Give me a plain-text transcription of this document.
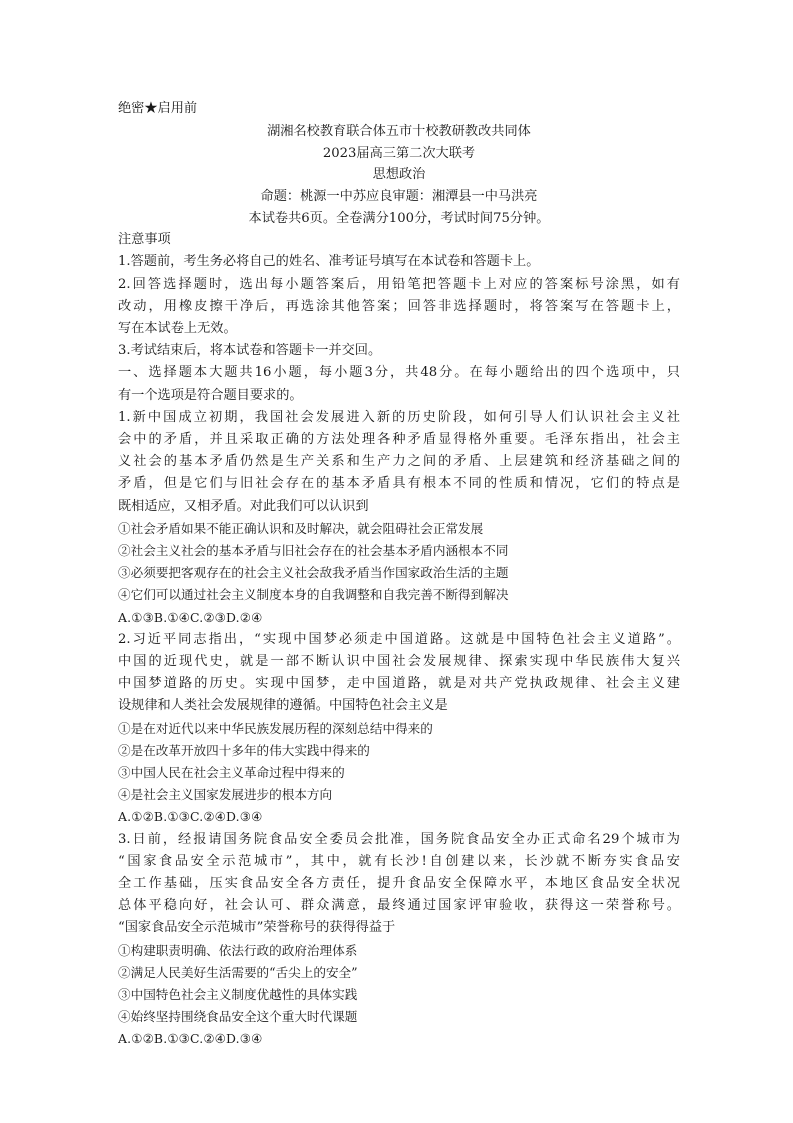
绝密★启用前
湖湘名校教育联合体五市十校教研教改共同体
2023届高三第二次大联考
思想政治
命题：桃源一中苏应良审题：湘潭县一中马洪亮
本试卷共6页。全卷满分100分，考试时间75分钟。
注意事项
1.答题前，考生务必将自己的姓名、准考证号填写在本试卷和答题卡上。
2.回答选择题时，选出每小题答案后，用铅笔把答题卡上对应的答案标号涂黑，如有
改动，用橡皮擦干净后，再选涂其他答案；回答非选择题时，将答案写在答题卡上，
写在本试卷上无效。
3.考试结束后，将本试卷和答题卡一并交回。
一、选择题本大题共16小题，每小题3分，共48分。在每小题给出的四个选项中，只
有一个选项是符合题目要求的。
1.新中国成立初期，我国社会发展进入新的历史阶段，如何引导人们认识社会主义社
会中的矛盾，并且采取正确的方法处理各种矛盾显得格外重要。毛泽东指出，社会主
义社会的基本矛盾仍然是生产关系和生产力之间的矛盾、上层建筑和经济基础之间的
矛盾，但是它们与旧社会存在的基本矛盾具有根本不同的性质和情况，它们的特点是
既相适应，又相矛盾。对此我们可以认识到
①社会矛盾如果不能正确认识和及时解决，就会阻碍社会正常发展
②社会主义社会的基本矛盾与旧社会存在的社会基本矛盾内涵根本不同
③必须要把客观存在的社会主义社会敌我矛盾当作国家政治生活的主题
④它们可以通过社会主义制度本身的自我调整和自我完善不断得到解决
A.①③B.①④C.②③D.②④
2.习近平同志指出，“实现中国梦必须走中国道路。这就是中国特色社会主义道路”。
中国的近现代史，就是一部不断认识中国社会发展规律、探索实现中华民族伟大复兴
中国梦道路的历史。实现中国梦，走中国道路，就是对共产党执政规律、社会主义建
设规律和人类社会发展规律的遵循。中国特色社会主义是
①是在对近代以来中华民族发展历程的深刻总结中得来的
②是在改革开放四十多年的伟大实践中得来的
③中国人民在社会主义革命过程中得来的
④是社会主义国家发展进步的根本方向
A.①②B.①③C.②④D.③④
3.日前，经报请国务院食品安全委员会批准，国务院食品安全办正式命名29个城市为
“国家食品安全示范城市”，其中，就有长沙!自创建以来，长沙就不断夯实食品安
全工作基础，压实食品安全各方责任，提升食品安全保障水平，本地区食品安全状况
总体平稳向好，社会认可、群众满意，最终通过国家评审验收，获得这一荣誉称号。
“国家食品安全示范城市”荣誉称号的获得得益于
①构建职责明确、依法行政的政府治理体系
②满足人民美好生活需要的“舌尖上的安全”
③中国特色社会主义制度优越性的具体实践
④始终坚持围绕食品安全这个重大时代课题
A.①②B.①③C.②④D.③④
